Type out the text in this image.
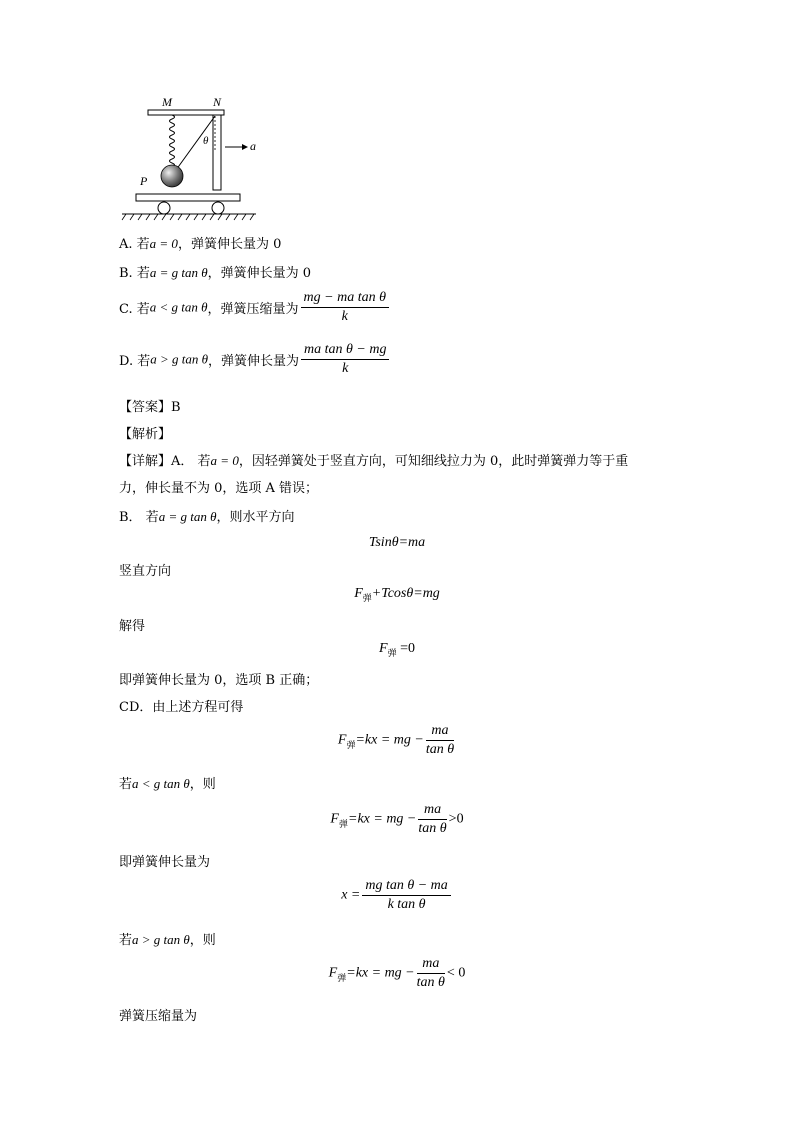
M	N
θ	a
P
A. 若a = 0，弹簧伸长量为 0
B. 若a = g tan θ，弹簧伸长量为 0
C. 若a < g tan θ，弹簧压缩量为 $\frac{\text{mg − ma tan θ}}{k}$
D. 若a > g tan θ，弹簧伸长量为 $\frac{\text{ma tan θ − mg}}{k}$
【答案】B
【解析】
【详解】A． 若a = 0，因轻弹簧处于竖直方向，可知细线拉力为 0，此时弹簧弹力等于重
力，伸长量不为 0，选项 A 错误；
B． 若a = g tan θ，则水平方向
Tsinθ=ma
竖直方向
$F_弹+Tcos\theta=mg$
解得
$F_弹 =0$
即弹簧伸长量为 0，选项 B 正确；
CD．由上述方程可得
$F_弹=kx$ = mg − $\frac{ma}{\text{tan θ}}$
若a < g tan θ，则
$F_弹=kx$ = mg − $\frac{ma}{\text{tan θ}} >0$
即弹簧伸长量为
$x = \frac{\text{mg tan θ − ma}}{\text{k tan θ}}$
若a > g tan θ，则
$F_弹=kx$ = mg − $\frac{ma}{\text{tan θ}} < 0$
弹簧压缩量为
